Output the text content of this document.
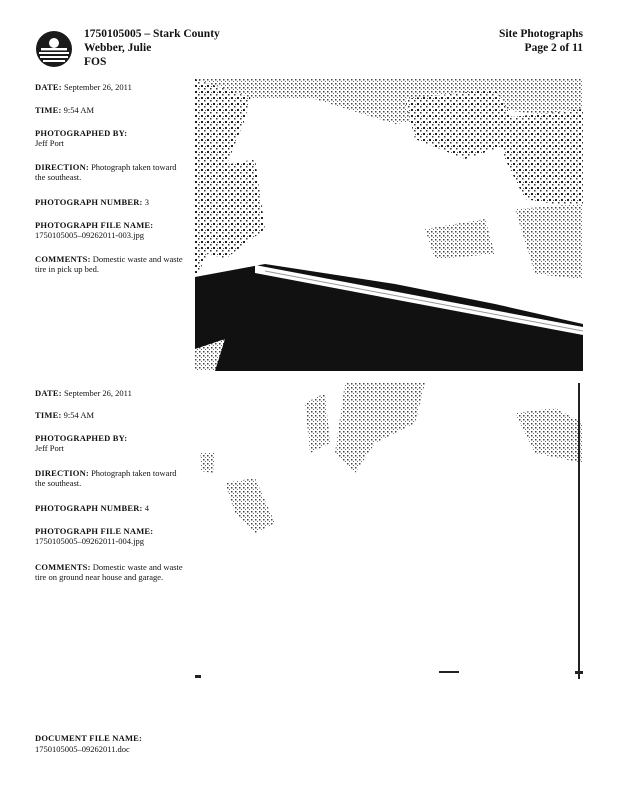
1750105005 – Stark County
Webber, Julie
FOS
Site Photographs
Page 2 of 11
DATE: September 26, 2011
TIME: 9:54 AM
PHOTOGRAPHED BY:
Jeff Port
DIRECTION: Photograph taken toward the southeast.
PHOTOGRAPH NUMBER: 3
PHOTOGRAPH FILE NAME:
1750105005–09262011-003.jpg
COMMENTS: Domestic waste and waste tire in pick up bed.
DATE: September 26, 2011
TIME: 9:54 AM
PHOTOGRAPHED BY:
Jeff Port
DIRECTION: Photograph taken toward the southeast.
PHOTOGRAPH NUMBER: 4
PHOTOGRAPH FILE NAME:
1750105005–09262011-004.jpg
COMMENTS: Domestic waste and waste tire on ground near house and garage.
DOCUMENT FILE NAME:
1750105005–09262011.doc
